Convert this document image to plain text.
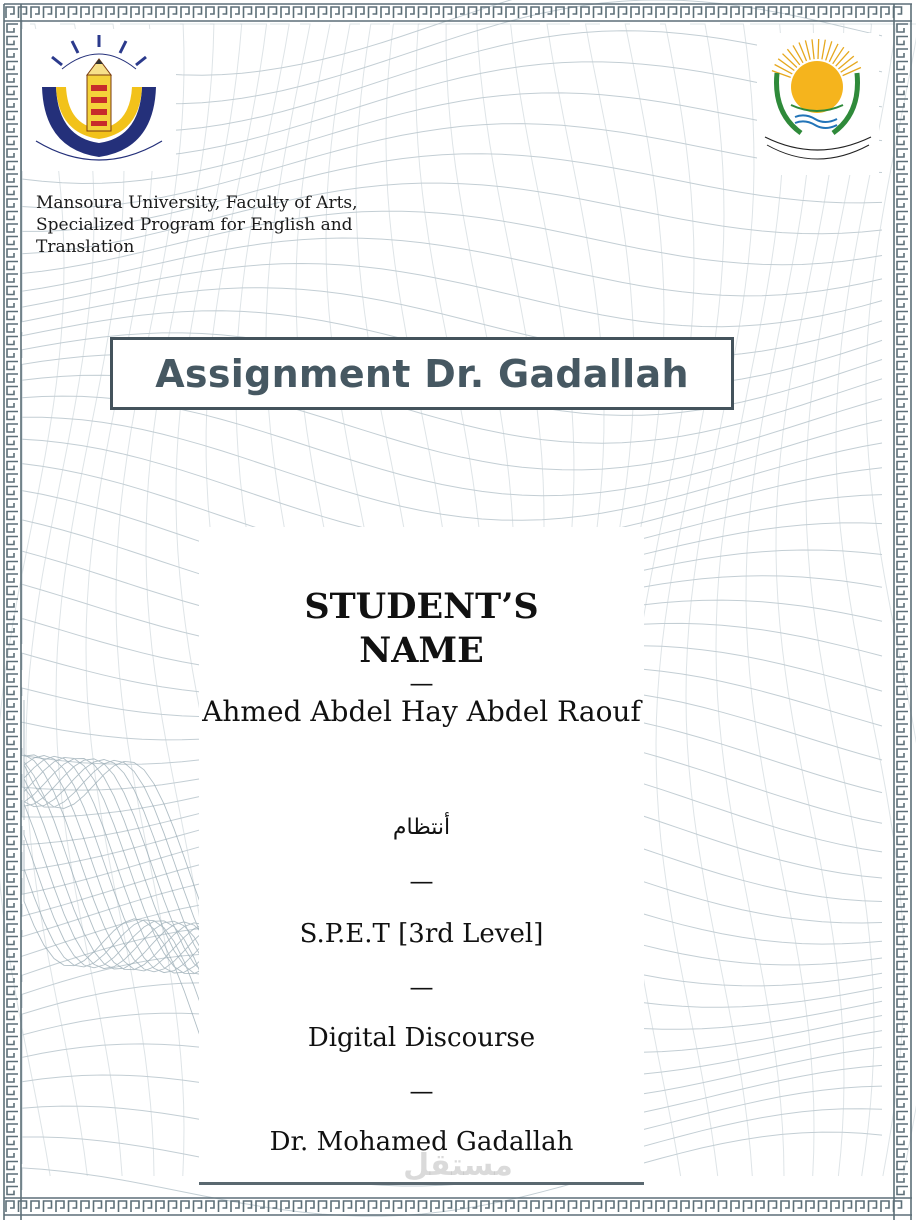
Mansoura University, Faculty of Arts,
Specialized Program for English and
Translation
Assignment Dr. Gadallah
STUDENT’S
NAME
—
Ahmed Abdel Hay Abdel Raouf
أنتظام
—
S.P.E.T [3rd Level]
—
Digital Discourse
—
Dr. Mohamed Gadallah
مستقل
